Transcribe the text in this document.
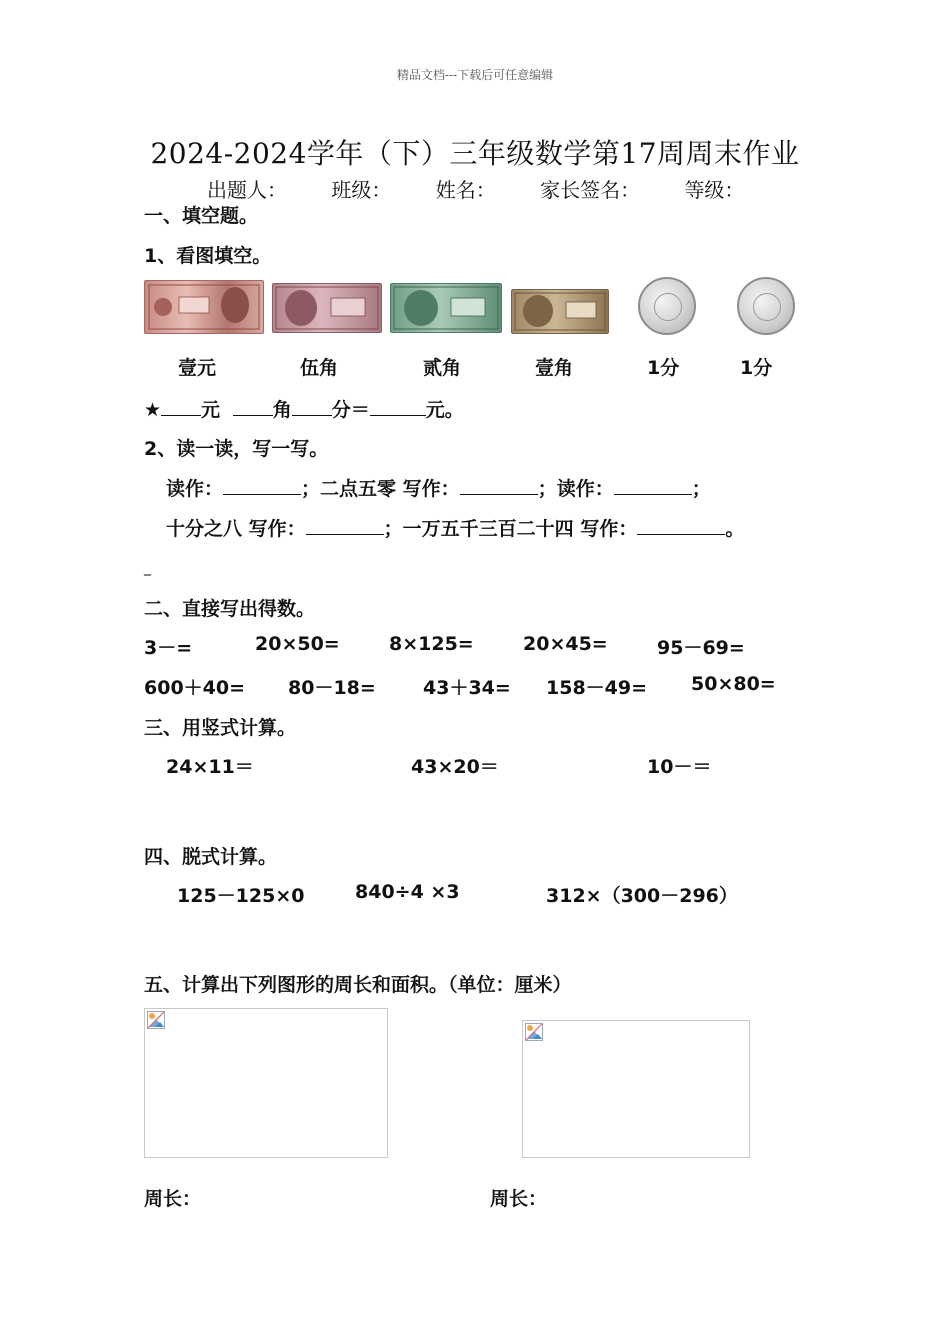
精品文档---下载后可任意编辑
2024-2024学年（下）三年级数学第17周周末作业
出题人： 班级： 姓名： 家长签名： 等级：
一、填空题。
1、看图填空。
壹元	伍角	贰角	壹角	1分	1分
★ 元	角 分＝	元。
2、读一读，写一写。
读作：	；二点五零 写作：	；读作：	；
十分之八 写作：	；一万五千三百二十四 写作：	。
_
二、直接写出得数。
3－=	20×50=	8×125=	20×45=	95－69=
600＋40= 80－18= 43＋34= 158－49= 50×80=
三、用竖式计算。
24×11＝	43×20＝	10－＝
四、脱式计算。
125－125×0	840÷4 ×3	312×（300－296）
五、计算出下列图形的周长和面积。（单位：厘米）
周长：	周长：
